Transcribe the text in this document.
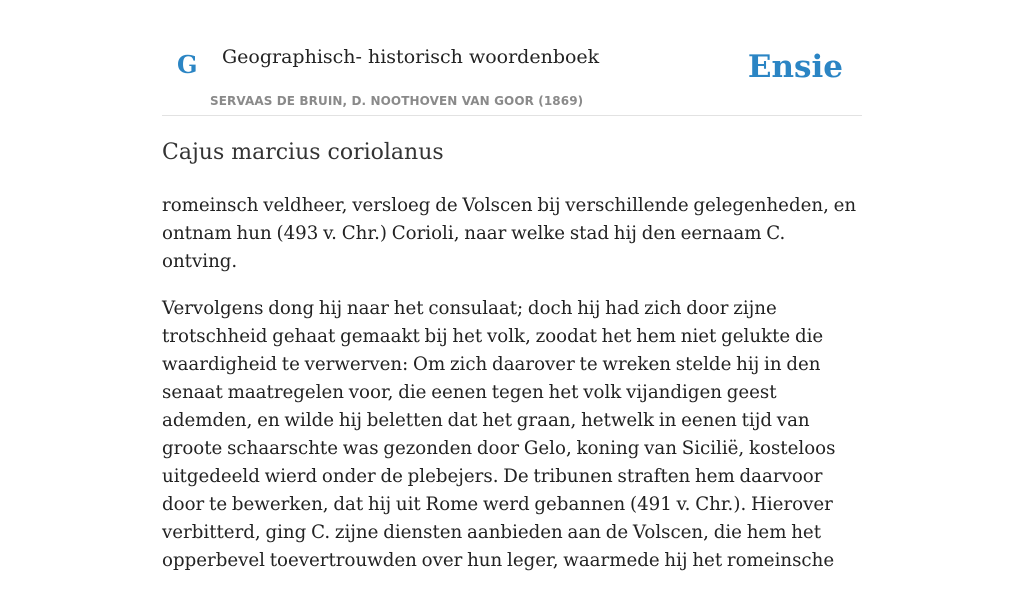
G Geographisch- historisch woordenboek
SERVAAS DE BRUIN, D. NOOTHOVEN VAN GOOR (1869)
Ensie
Cajus marcius coriolanus

romeinsch veldheer, versloeg de Volscen bij verschillende gelegenheden, en ontnam hun (493 v. Chr.) Corioli, naar welke stad hij den eernaam C. ontving.

Vervolgens dong hij naar het consulaat; doch hij had zich door zijne trotschheid gehaat gemaakt bij het volk, zoodat het hem niet gelukte die waardigheid te verwerven: Om zich daarover te wreken stelde hij in den senaat maatregelen voor, die eenen tegen het volk vijandigen geest ademden, en wilde hij beletten dat het graan, hetwelk in eenen tijd van groote schaarschte was gezonden door Gelo, koning van Sicilië, kosteloos uitgedeeld wierd onder de plebejers. De tribunen straften hem daarvoor door te bewerken, dat hij uit Rome werd gebannen (491 v. Chr.). Hierover verbitterd, ging C. zijne diensten aanbieden aan de Volscen, die hem het opperbevel toevertrouwden over hun leger, waarmede hij het romeinsche
